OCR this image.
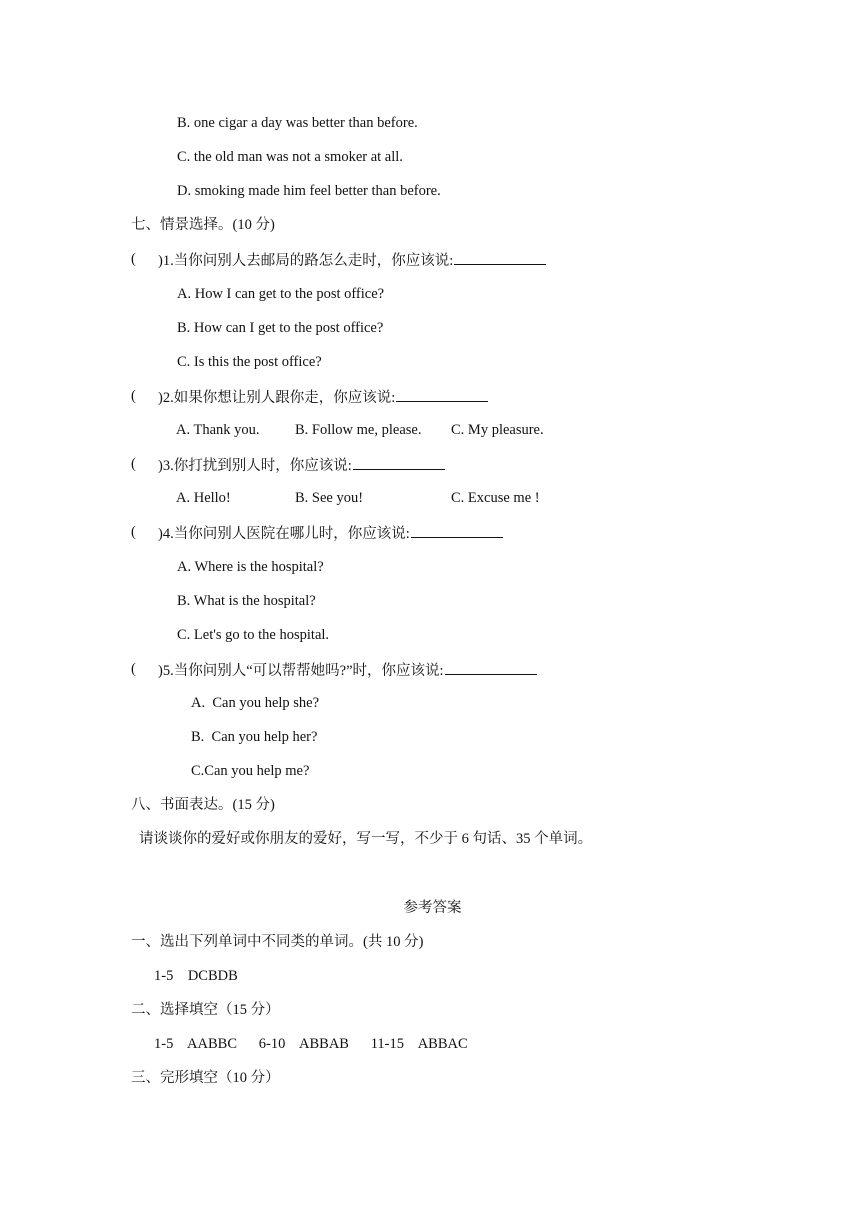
B. one cigar a day was better than before.
C. the old man was not a smoker at all.
D. smoking made him feel better than before.
七、情景选择。(10 分)
( )1.当你问别人去邮局的路怎么走时，你应该说:
A. How I can get to the post office?
B. How can I get to the post office?
C. Is this the post office?
( )2.如果你想让别人跟你走，你应该说:
A. Thank you. B. Follow me, please. C. My pleasure.
( )3.你打扰到别人时，你应该说:
A. Hello!	B. See you!	C. Excuse me !
( )4.当你问别人医院在哪儿时，你应该说:
A. Where is the hospital?
B. What is the hospital?
C. Let's go to the hospital.
( )5.当你问别人“可以帮帮她吗?”时，你应该说:
A.  Can you help she?
B.  Can you help her?
C.Can you help me?
八、书面表达。(15 分)
请谈谈你的爱好或你朋友的爱好，写一写，不少于 6 句话、35 个单词。
参考答案
一、选出下列单词中不同类的单词。(共 10 分)
1-5    DCBDB
二、选择填空（15 分）
1-5    AABBC      6-10    ABBAB      11-15    ABBAC
三、完形填空（10 分）
